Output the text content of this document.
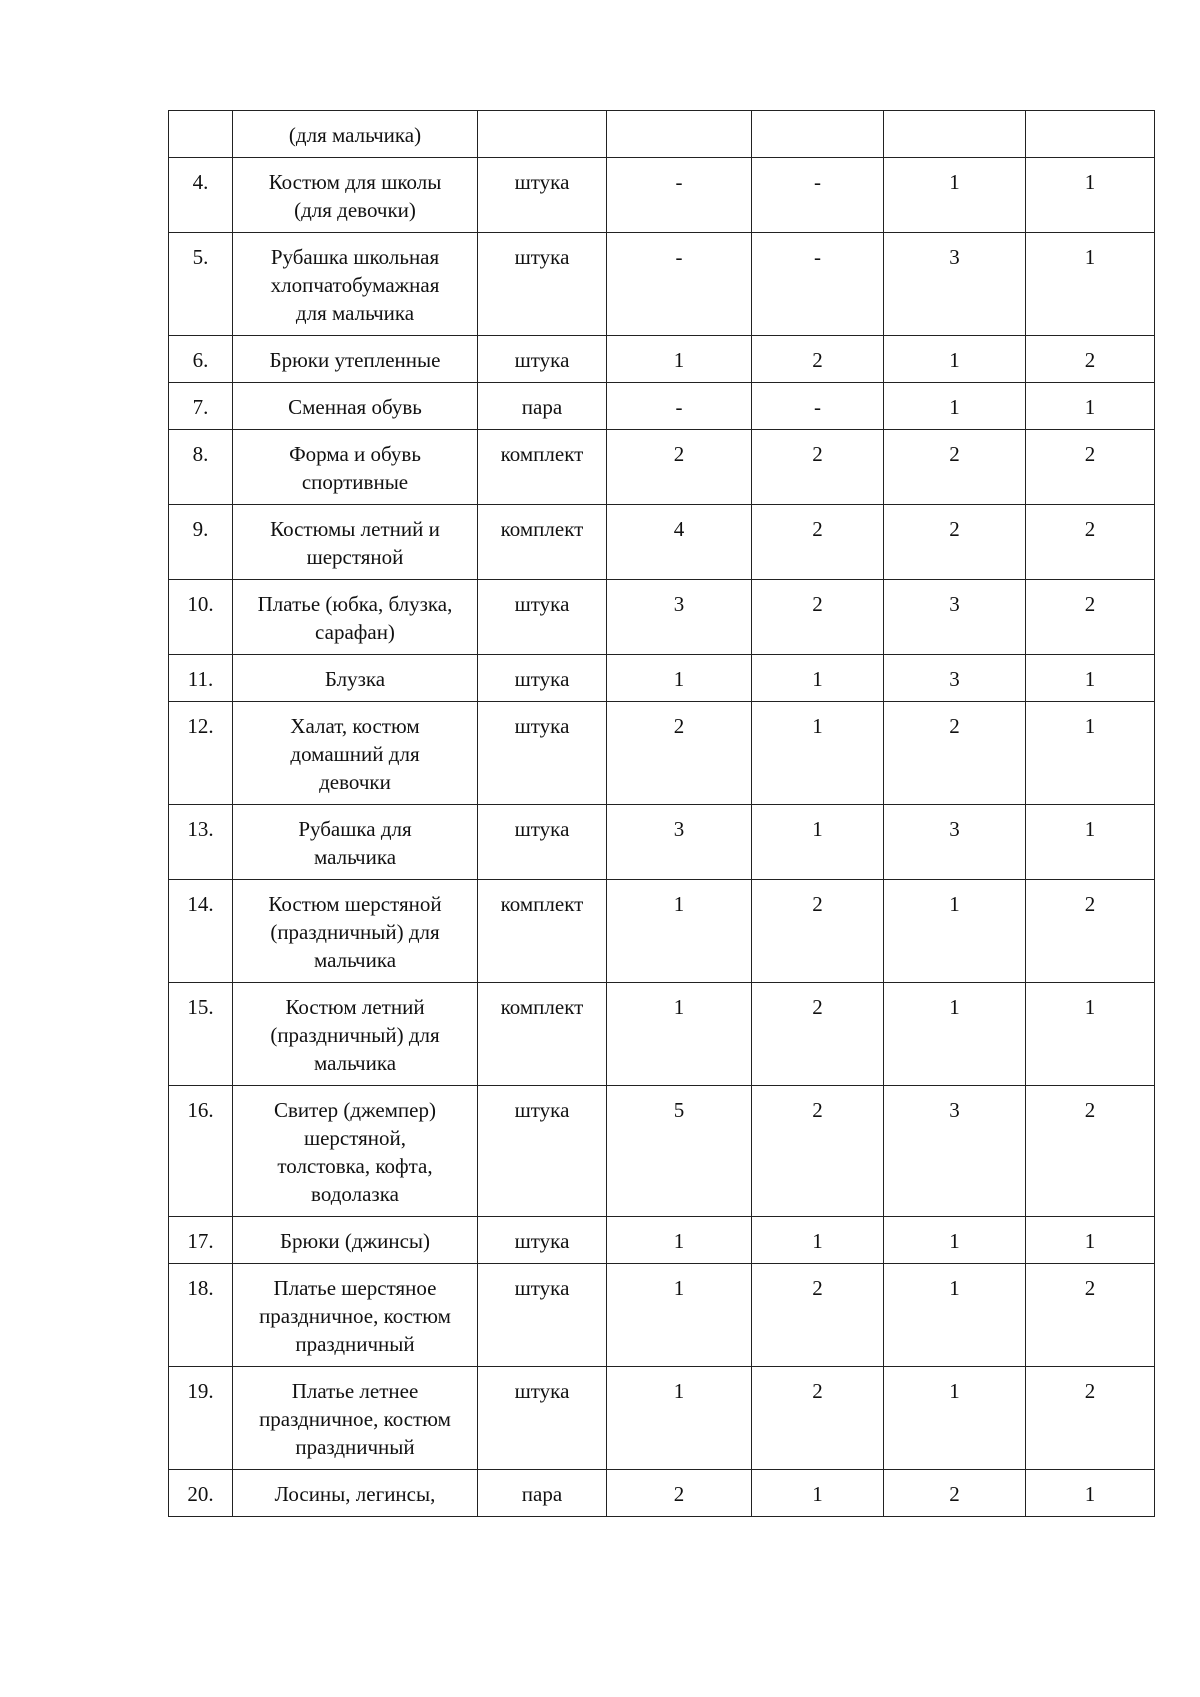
	(для мальчика)					
4.	Костюм для школы
(для девочки)	штука	-	-	1	1
5.	Рубашка школьная
хлопчатобумажная
для мальчика	штука	-	-	3	1
6.	Брюки утепленные	штука	1	2	1	2
7.	Сменная обувь	пара	-	-	1	1
8.	Форма и обувь
спортивные	комплект	2	2	2	2
9.	Костюмы летний и
шерстяной	комплект	4	2	2	2
10.	Платье (юбка, блузка,
сарафан)	штука	3	2	3	2
11.	Блузка	штука	1	1	3	1
12.	Халат, костюм
домашний для
девочки	штука	2	1	2	1
13.	Рубашка для
мальчика	штука	3	1	3	1
14.	Костюм шерстяной
(праздничный) для
мальчика	комплект	1	2	1	2
15.	Костюм летний
(праздничный) для
мальчика	комплект	1	2	1	1
16.	Свитер (джемпер)
шерстяной,
толстовка, кофта,
водолазка	штука	5	2	3	2
17.	Брюки (джинсы)	штука	1	1	1	1
18.	Платье шерстяное
праздничное, костюм
праздничный	штука	1	2	1	2
19.	Платье летнее
праздничное, костюм
праздничный	штука	1	2	1	2
20.	Лосины, легинсы,	пара	2	1	2	1
